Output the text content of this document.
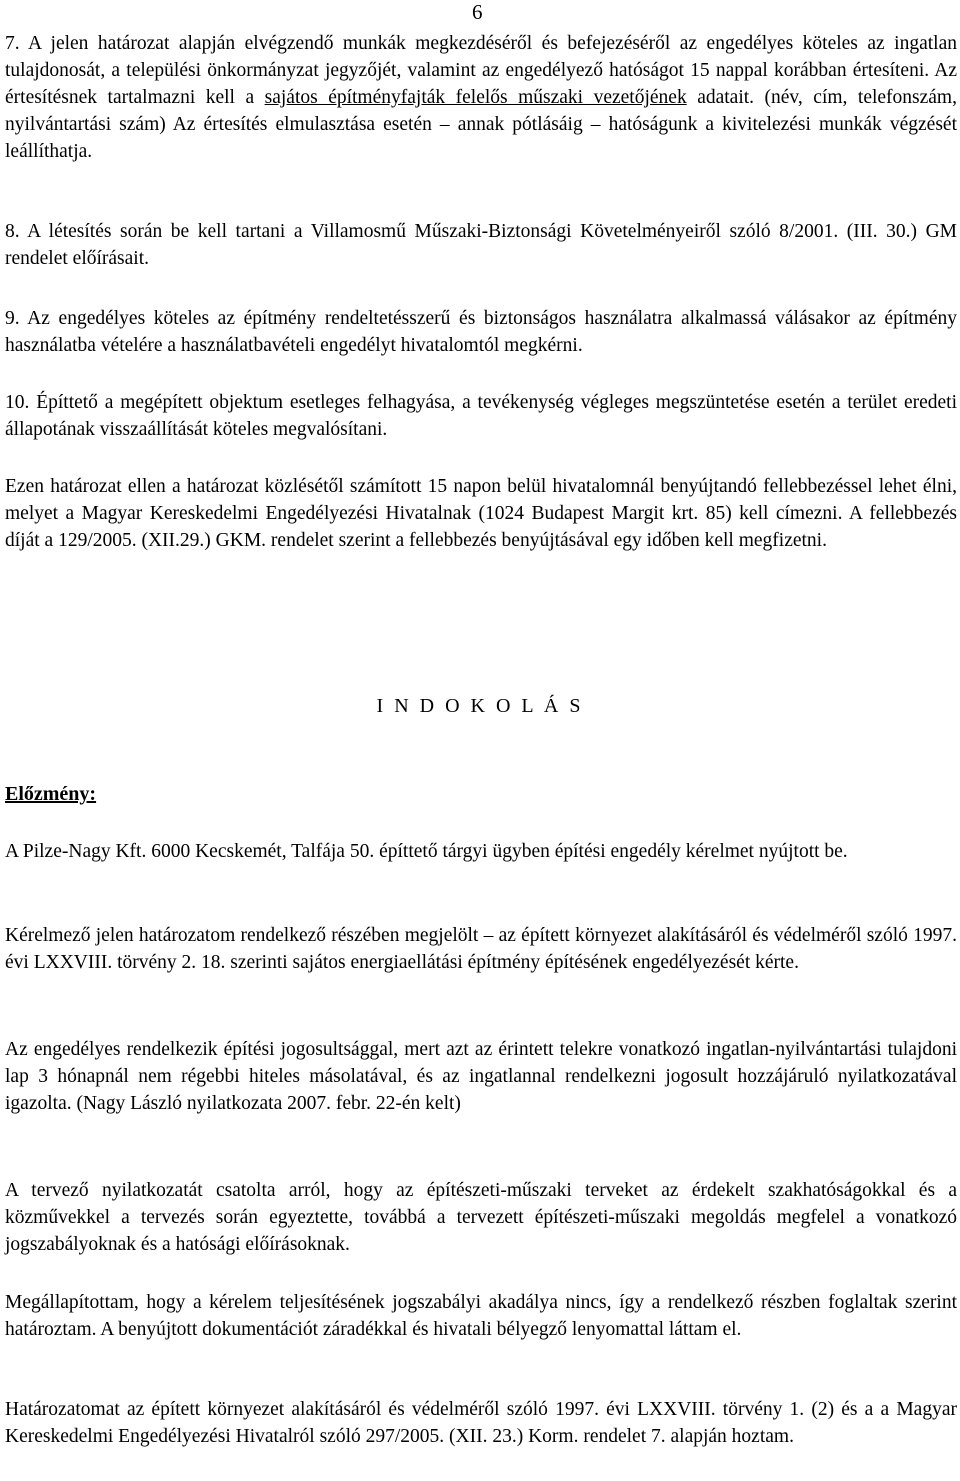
6

7. A jelen határozat alapján elvégzendő munkák megkezdéséről és befejezéséről az engedélyes köteles az ingatlan tulajdonosát, a települési önkormányzat jegyzőjét, valamint az engedélyező hatóságot 15 nappal korábban értesíteni. Az értesítésnek tartalmazni kell a sajátos építményfajták felelős műszaki vezetőjének adatait. (név, cím, telefonszám, nyilvántartási szám) Az értesítés elmulasztása esetén – annak pótlásáig – hatóságunk a kivitelezési munkák végzését leállíthatja.

8. A létesítés során be kell tartani a Villamosmű Műszaki-Biztonsági Követelményeiről szóló 8/2001. (III. 30.) GM rendelet előírásait.

9. Az engedélyes köteles az építmény rendeltetésszerű és biztonságos használatra alkalmassá válásakor az építmény használatba vételére a használatbavételi engedélyt hivatalomtól megkérni.

10. Építtető a megépített objektum esetleges felhagyása, a tevékenység végleges megszüntetése esetén a terület eredeti állapotának visszaállítását köteles megvalósítani.

Ezen határozat ellen a határozat közlésétől számított 15 napon belül hivatalomnál benyújtandó fellebbezéssel lehet élni, melyet a Magyar Kereskedelmi Engedélyezési Hivatalnak (1024 Budapest Margit krt. 85) kell címezni. A fellebbezés díját a 129/2005. (XII.29.) GKM. rendelet szerint a fellebbezés benyújtásával egy időben kell megfizetni.

I N D O K O L Á S
Előzmény:

A Pilze-Nagy Kft. 6000 Kecskemét, Talfája 50. építtető tárgyi ügyben építési engedély kérelmet nyújtott be.

Kérelmező jelen határozatom rendelkező részében megjelölt – az épített környezet alakításáról és védelméről szóló 1997. évi LXXVIII. törvény 2. 18. szerinti sajátos energiaellátási építmény építésének engedélyezését kérte.

Az engedélyes rendelkezik építési jogosultsággal, mert azt az érintett telekre vonatkozó ingatlan-nyilvántartási tulajdoni lap 3 hónapnál nem régebbi hiteles másolatával, és az ingatlannal rendelkezni jogosult hozzájáruló nyilatkozatával igazolta. (Nagy László nyilatkozata 2007. febr. 22-én kelt)

A tervező nyilatkozatát csatolta arról, hogy az építészeti-műszaki terveket az érdekelt szakhatóságokkal és a közművekkel a tervezés során egyeztette, továbbá a tervezett építészeti-műszaki megoldás megfelel a vonatkozó jogszabályoknak és a hatósági előírásoknak.

Megállapítottam, hogy a kérelem teljesítésének jogszabályi akadálya nincs, így a rendelkező részben foglaltak szerint határoztam. A benyújtott dokumentációt záradékkal és hivatali bélyegző lenyomattal láttam el.

Határozatomat az épített környezet alakításáról és védelméről szóló 1997. évi LXXVIII. törvény 1. (2) és a a Magyar Kereskedelmi Engedélyezési Hivatalról szóló 297/2005. (XII. 23.) Korm. rendelet 7. alapján hoztam.
